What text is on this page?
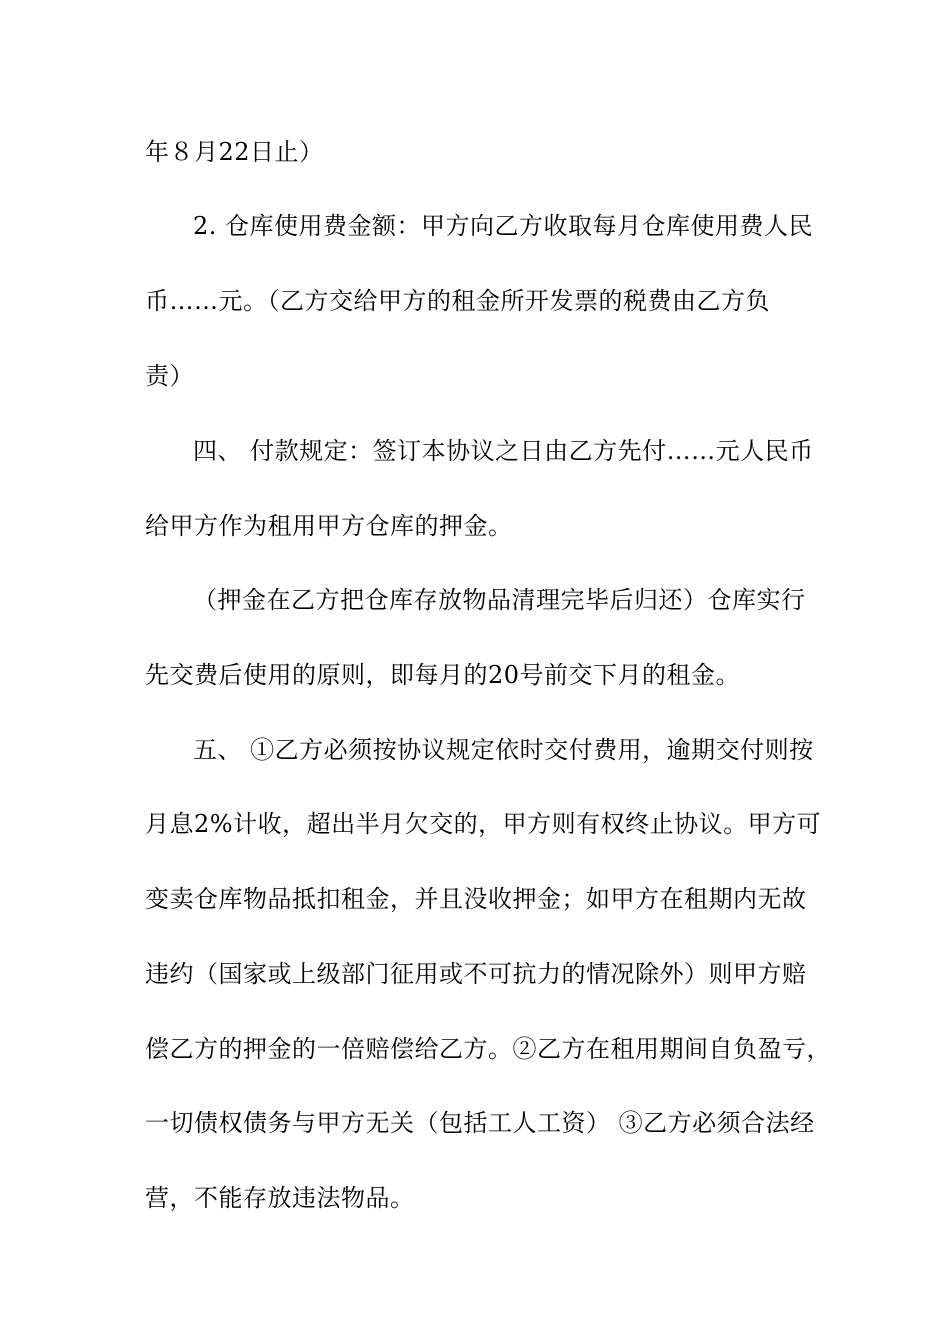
年８月22日止）
2. 仓库使用费金额：甲方向乙方收取每月仓库使用费人民
币……元。（乙方交给甲方的租金所开发票的税费由乙方负
责）
四、 付款规定：签订本协议之日由乙方先付……元人民币
给甲方作为租用甲方仓库的押金。
（押金在乙方把仓库存放物品清理完毕后归还）仓库实行
先交费后使用的原则，即每月的20号前交下月的租金。
五、 ①乙方必须按协议规定依时交付费用，逾期交付则按
月息2%计收，超出半月欠交的，甲方则有权终止协议。甲方可
变卖仓库物品抵扣租金，并且没收押金；如甲方在租期内无故
违约（国家或上级部门征用或不可抗力的情况除外）则甲方赔
偿乙方的押金的一倍赔偿给乙方。②乙方在租用期间自负盈亏，
一切债权债务与甲方无关（包括工人工资） ③乙方必须合法经
营，不能存放违法物品。
